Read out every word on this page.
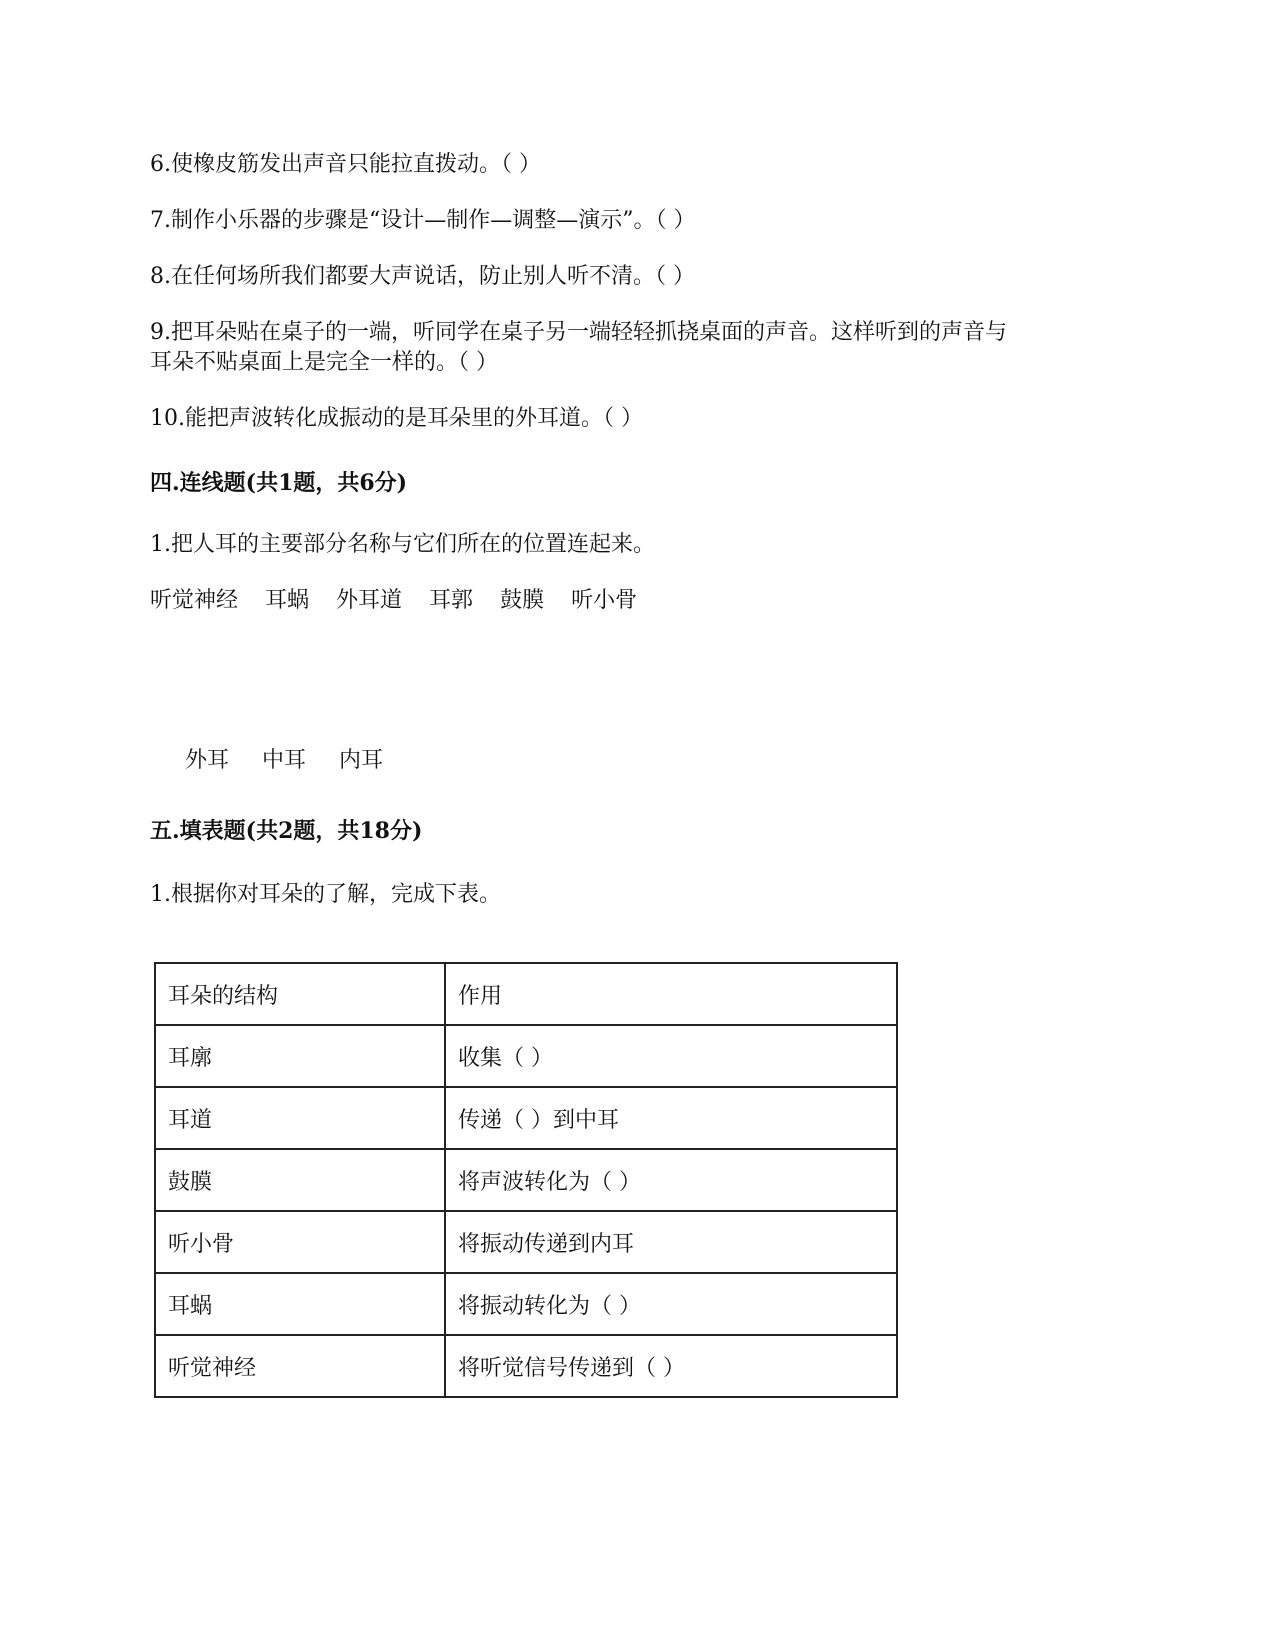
6.使橡皮筋发出声音只能拉直拨动。（ ）
7.制作小乐器的步骤是“设计—制作—调整—演示”。（ ）
8.在任何场所我们都要大声说话，防止别人听不清。（ ）
9.把耳朵贴在桌子的一端，听同学在桌子另一端轻轻抓挠桌面的声音。这样听到的声音与
耳朵不贴桌面上是完全一样的。（ ）
10.能把声波转化成振动的是耳朵里的外耳道。（ ）
四.连线题(共1题，共6分)
1.把人耳的主要部分名称与它们所在的位置连起来。
听觉神经 耳蜗 外耳道 耳郭 鼓膜 听小骨
外耳 中耳 内耳
五.填表题(共2题，共18分)
1.根据你对耳朵的了解，完成下表。
耳朵的结构	作用
耳廓	收集（ ）
耳道	传递（ ）到中耳
鼓膜	将声波转化为（ ）
听小骨	将振动传递到内耳
耳蜗	将振动转化为（ ）
听觉神经	将听觉信号传递到（ ）
